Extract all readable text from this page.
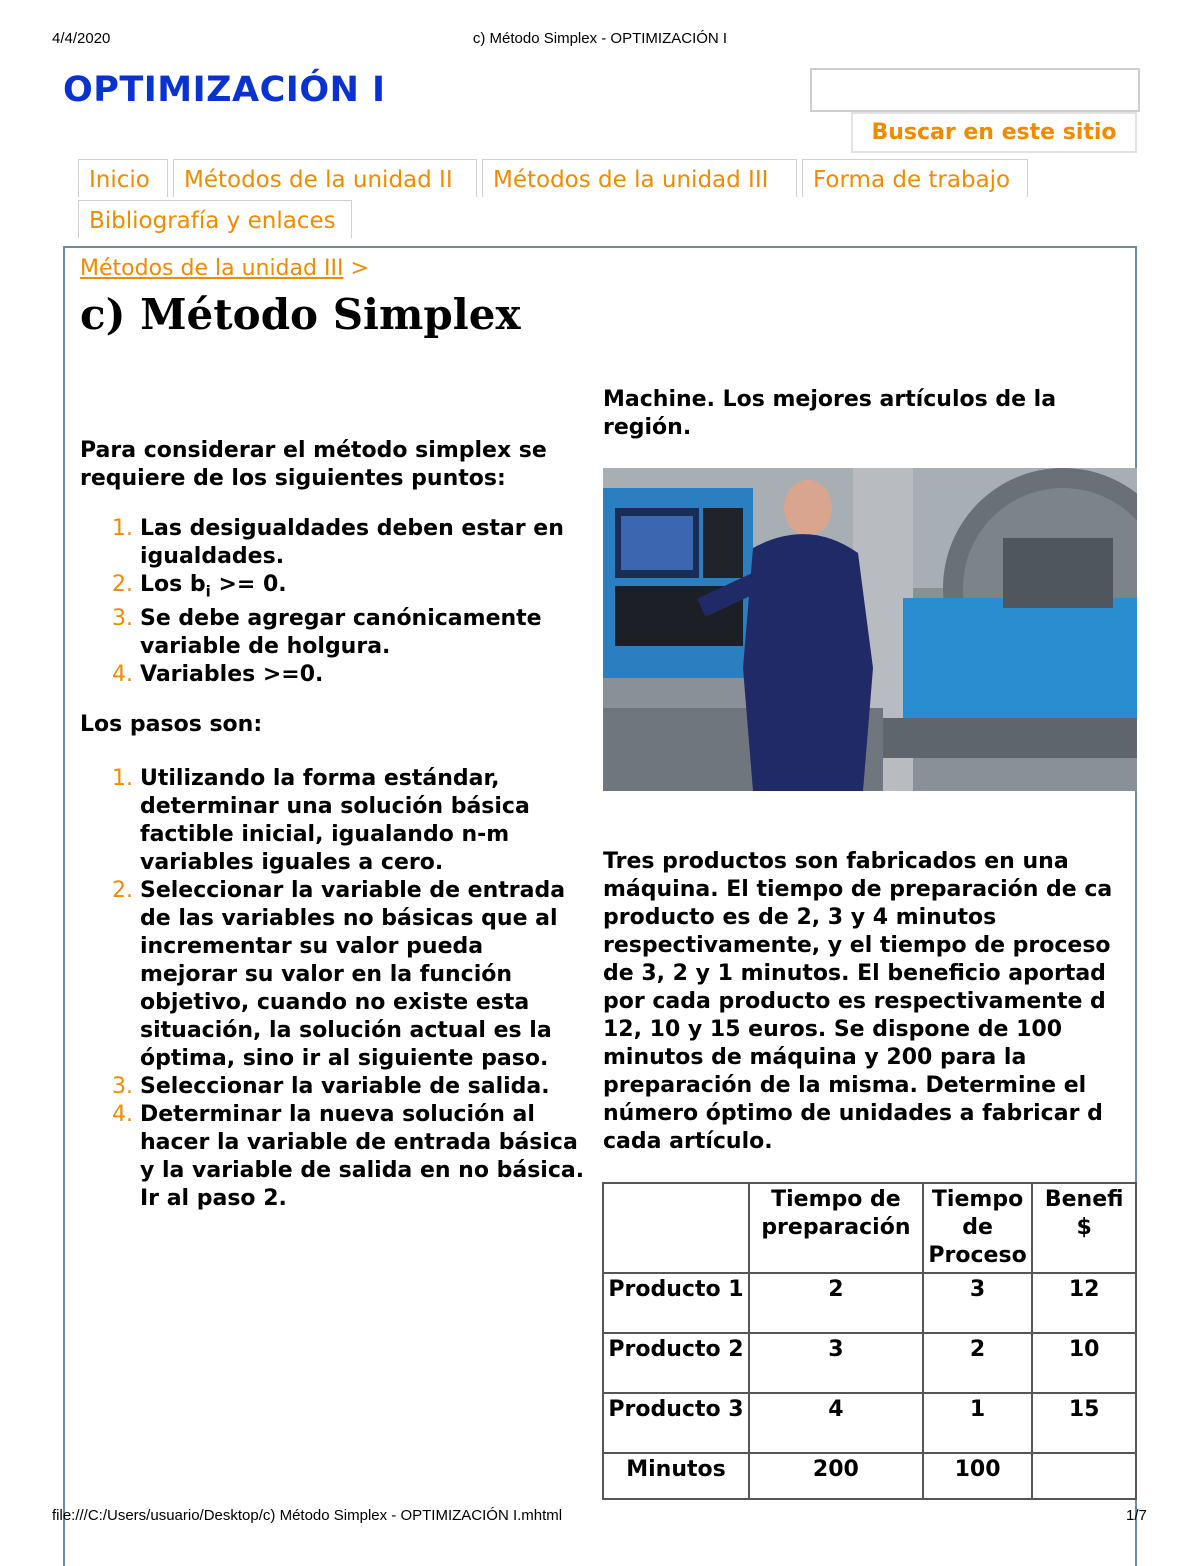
4/4/2020	c) Método Simplex - OPTIMIZACIÓN I
OPTIMIZACIÓN I
Buscar en este sitio
Inicio	Métodos de la unidad II	Métodos de la unidad III	Forma de trabajo
Bibliografía y enlaces
Métodos de la unidad III >
c) Método Simplex
Para considerar el método simplex se requiere de los siguientes puntos:
1. Las desigualdades deben estar en igualdades.
2. Los $b_i >= 0$.
3. Se debe agregar canónicamente variable de holgura.
4. Variables >=0.
Los pasos son:
1. Utilizando la forma estándar, determinar una solución básica factible inicial, igualando n-m variables iguales a cero.
2. Seleccionar la variable de entrada de las variables no básicas que al incrementar su valor pueda mejorar su valor en la función objetivo, cuando no existe esta situación, la solución actual es la óptima, sino ir al siguiente paso.
3. Seleccionar la variable de salida.
4. Determinar la nueva solución al hacer la variable de entrada básica y la variable de salida en no básica. Ir al paso 2.
Machine. Los mejores artículos de la región.
Tres productos son fabricados en una
máquina. El tiempo de preparación de ca
producto es de 2, 3 y 4 minutos
respectivamente, y el tiempo de proceso
de 3, 2 y 1 minutos. El beneficio aportad
por cada producto es respectivamente d
12, 10 y 15 euros. Se dispone de 100
minutos de máquina y 200 para la
preparación de la misma. Determine el
número óptimo de unidades a fabricar d
cada artículo.
	Tiempo de preparación	Tiempo de Proceso	Benefi $
Producto 1	2	3	12
Producto 2	3	2	10
Producto 3	4	1	15
Minutos	200	100	
file:///C:/Users/usuario/Desktop/c) Método Simplex - OPTIMIZACIÓN I.mhtml	1/7
